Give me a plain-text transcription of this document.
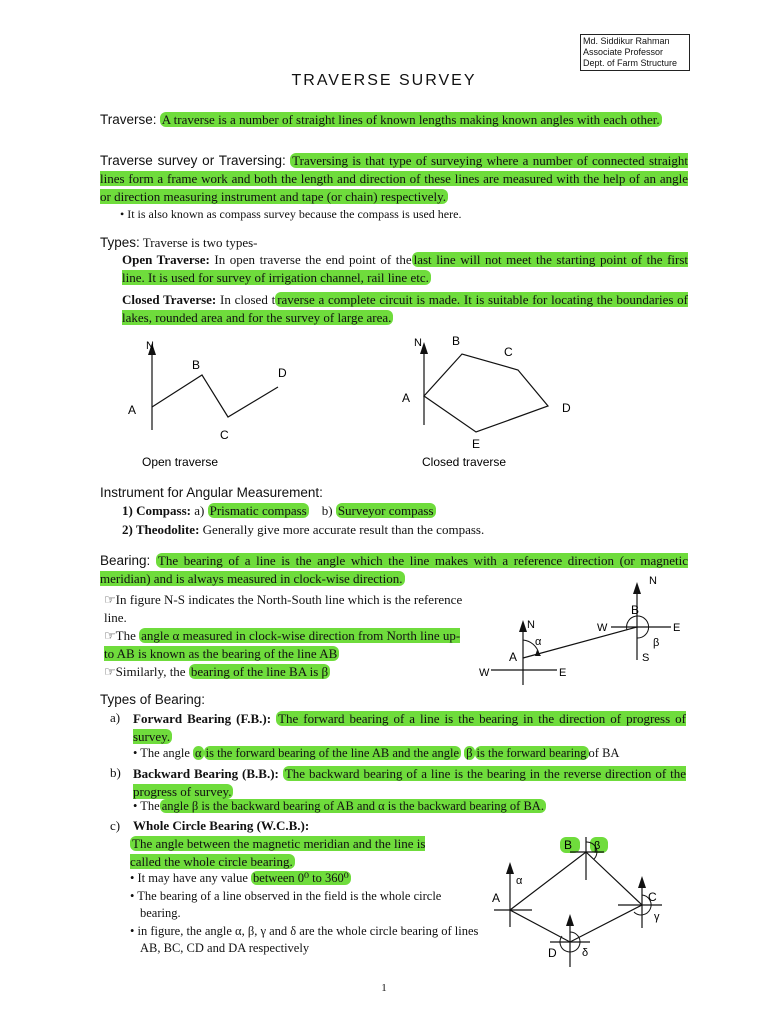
Md. Siddikur Rahman
Associate Professor
Dept. of Farm Structure
TRAVERSE SURVEY
Traverse: A traverse is a number of straight lines of known lengths making known angles with each other.
Traverse survey or Traversing: Traversing is that type of surveying where a number of connected straight lines form a frame work and both the length and direction of these lines are measured with the help of an angle or direction measuring instrument and tape (or chain) respectively.
• It is also known as compass survey because the compass is used here.
Types: Traverse is two types-
Open Traverse: In open traverse the end point of the last line will not meet the starting point of the first line. It is used for survey of irrigation channel, rail line etc.
Closed Traverse: In closed t raverse a complete circuit is made. It is suitable for locating the boundaries of lakes, rounded area and for the survey of large area.
N
A
B
C
D
Open traverse
N
A
B
C
D
E
Closed traverse
Instrument for Angular Measurement:
1) Compass: a) Prismatic compass b) Surveyor compass
2) Theodolite: Generally give more accurate result than the compass.
Bearing: The bearing of a line is the angle which the line makes with a reference direction (or magnetic meridian) and is always measured in clock-wise direction.
☞In figure N-S indicates the North-South line which is the reference line.
☞The angle α measured in clock-wise direction from North line up-to AB is known as the bearing of the line AB
☞Similarly, the bearing of the line BA is β
N
W	E
A
α
N
B
W	E
β
S
Types of Bearing:
a) Forward Bearing (F.B.): The forward bearing of a line is the bearing in the direction of progress of survey.
• The angle α is the forward bearing of the line AB and the angle β is the forward bearing of BA
b) Backward Bearing (B.B.): The backward bearing of a line is the bearing in the reverse direction of the progress of survey.
• The angle β is the backward bearing of AB and α is the backward bearing of BA.
c) Whole Circle Bearing (W.C.B.):
The angle between the magnetic meridian and the line is called the whole circle bearing.
• It may have any value between 0⁰ to 360⁰
• The bearing of a line observed in the field is the whole circle bearing.
• in figure, the angle α, β, γ and δ are the whole circle bearing of lines AB, BC, CD and DA respectively
A
B
C
D
α
β
γ
δ
1
